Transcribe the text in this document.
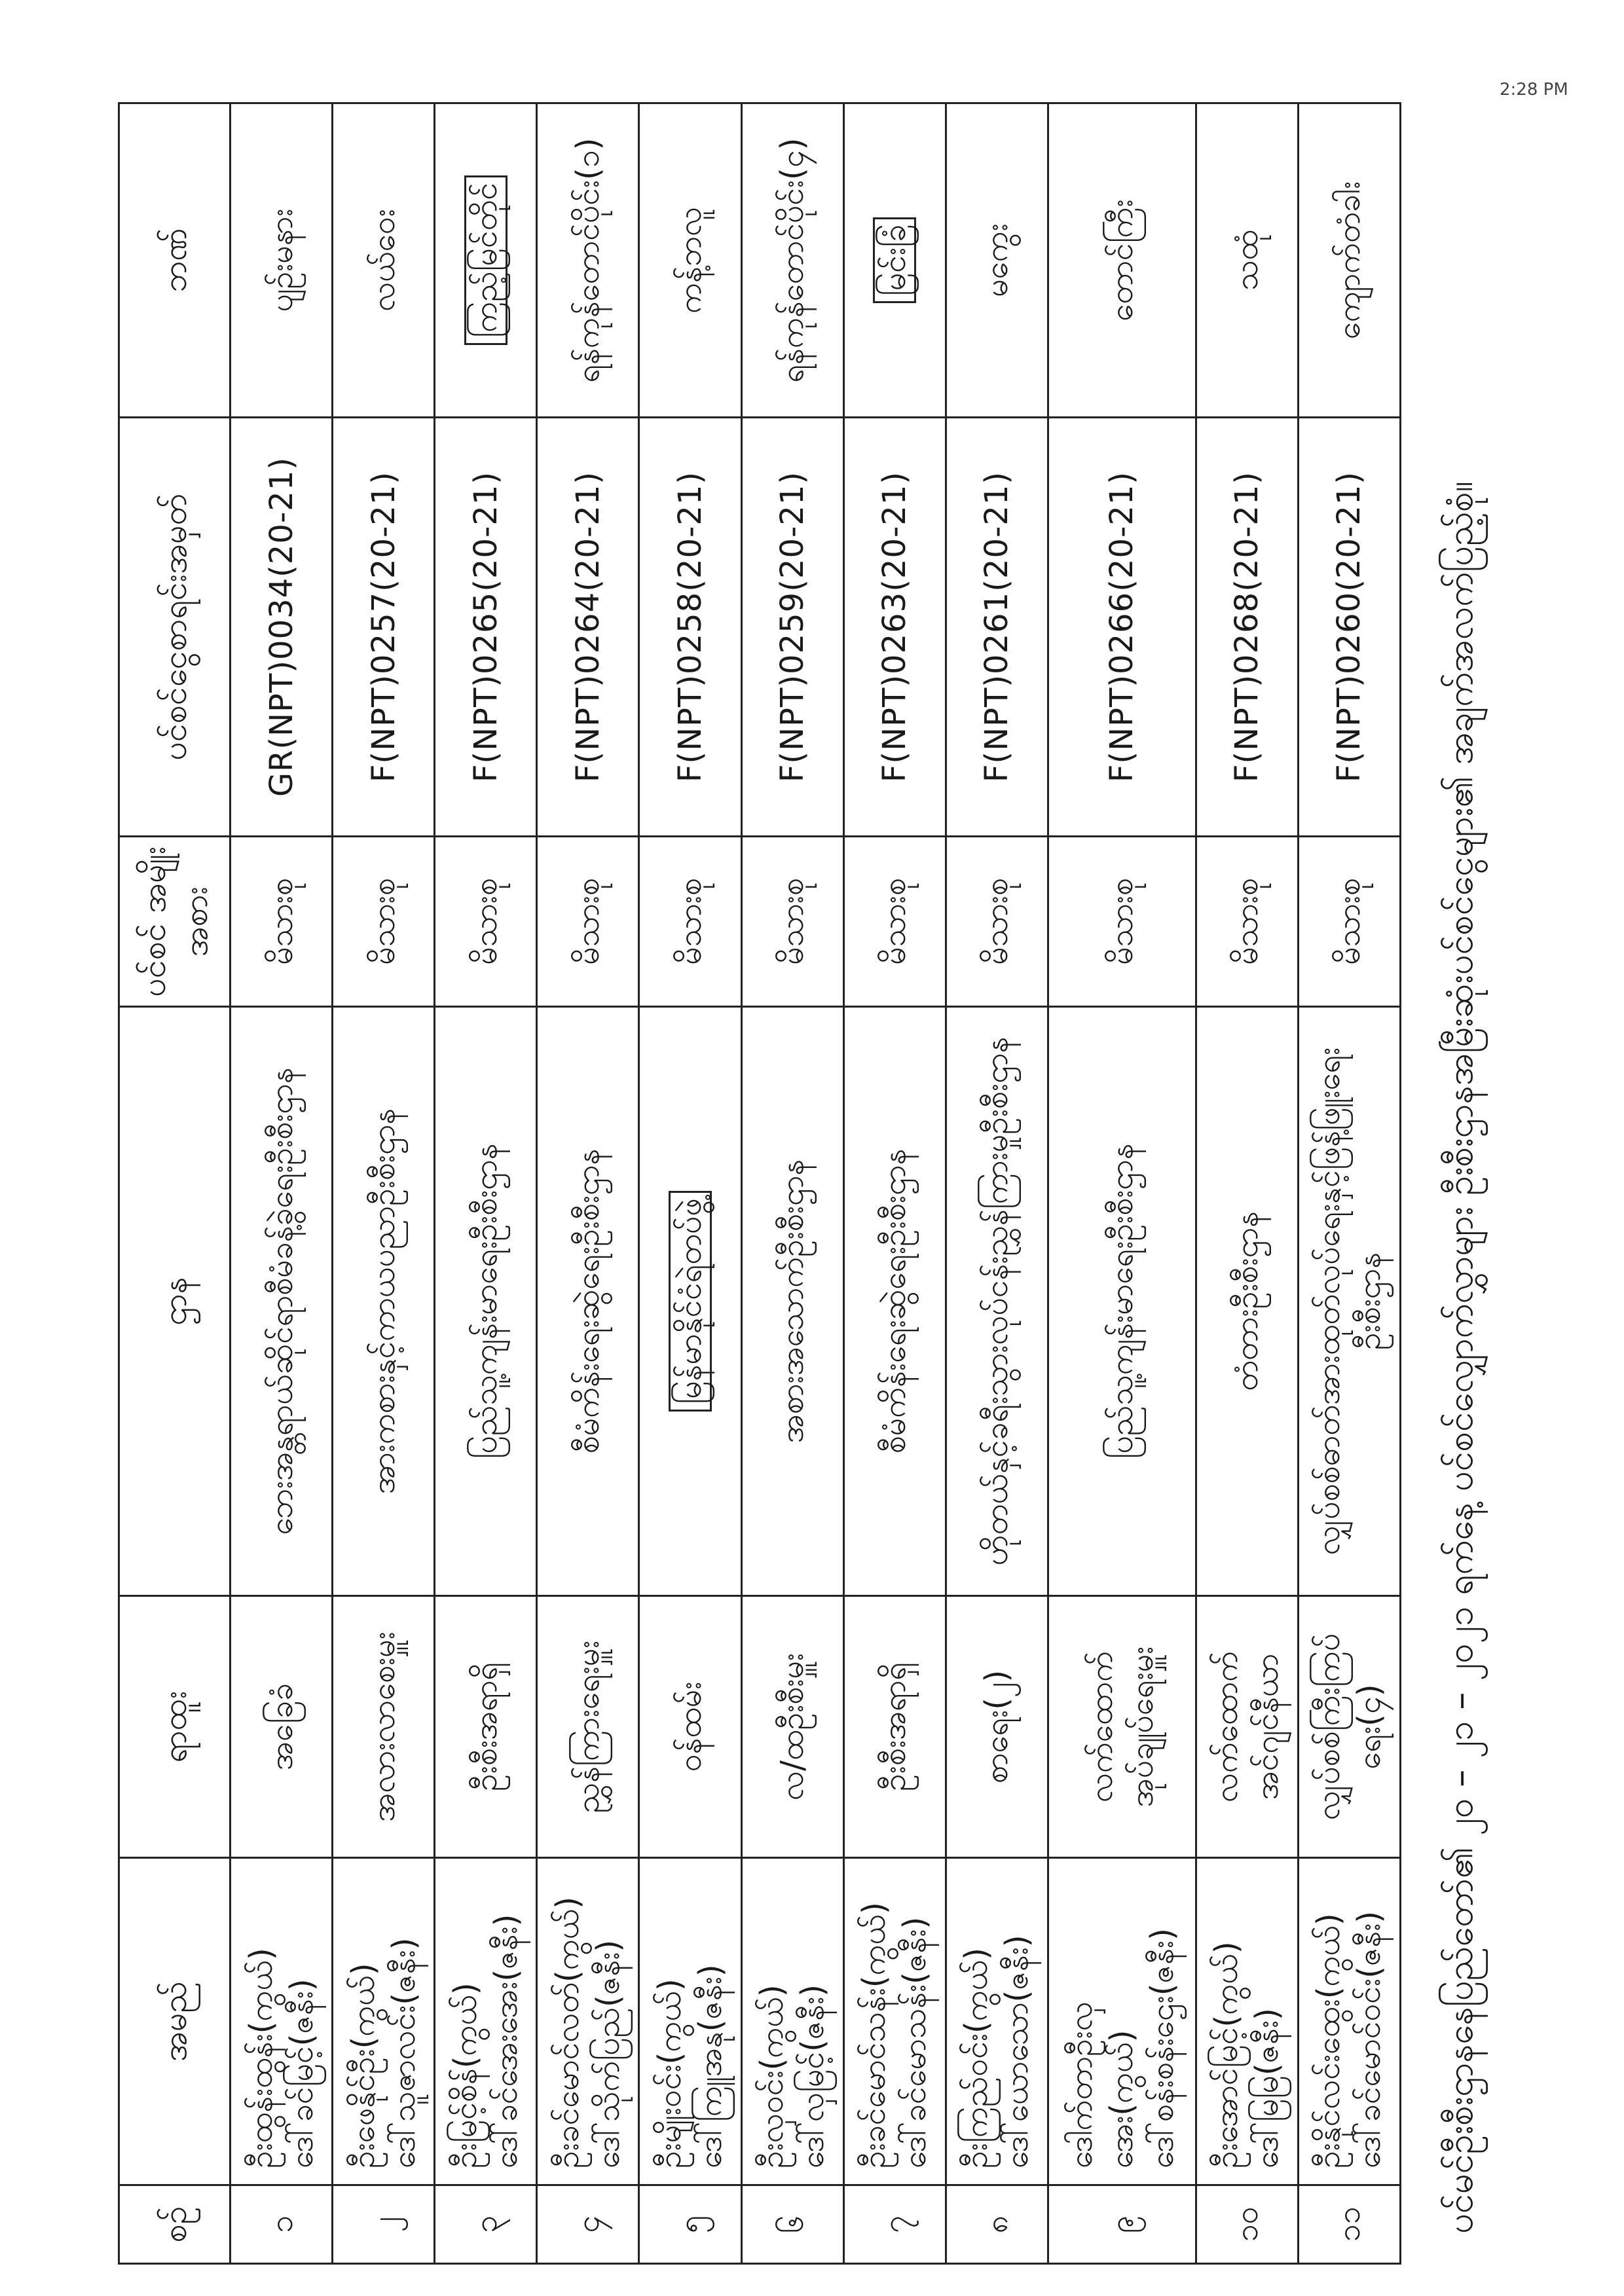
ပင်မင်ဦးစီးဌာနနေပြည်တော်၏ ၂၀ – ၂၁ – ၂၀၂၁ ရက်နေ့ ပင်စင်လျှောက်လွှာများ ဦးစီးဌာနအမြီးဆုံးပင်စင်ငွေများ၏ အချက်အလက်ပြည့်စုံ။
2:28 PM
စဉ်	အမည်	ရာထူး	ဌာန	ပင်စင် အမျိုးအစား	ပင်စင်ငွေစာရင်းအမှတ်	ဘဏ်
၁	ဦးထွန်းထွန်း(ကွယ်) ဒေါ်ခင်မြင့်(ဇနီး)	အခြေခံ	ဘေးအန္တရာယ်ဆိုင်ရာစီမံခန့်ခွဲရေးဦးစီးဌာန	မိသားစု	GR(NPT)0034(20-21)	ပျဉ်းမနား
၂	ဦးဖေနိုင်ဦး(ကွယ်) ဒေါ်သူဇာလင်း(ဇနီး)	အလားလာစေးမှူး	အားကစားနှင့်ကာယပညာဦးစီးဌာန	မိသားစု	F(NPT)0257(20-21)	လယ်ဝေး
၃	ဦးမြင့်စိန်(ကွယ်) ဒေါ်ခင်အေးအေး(ဇနီး)	ဦးစီးအရာရှိ	ပြည်သူ့ကျန်းမာရေးဦးစီးဌာန	မိသားစု	F(NPT)0265(20-21)	ကြည့်မြင်တိုင်
၄	ဦးခင်မောင်လတ်(ကွယ်) ဒေါ်သိုက်ပြည်(ဇနီး)	ညွှန်ကြားရေးမှူး	စီမံကိန်းရေးဆွဲရေးဦးစီးဌာန	မိသားစု	F(NPT)0264(20-21)	ရန်ကုန်တောင်ပိုင်း(၁)
၅	ဦးမျိုးဝင်း(ကွယ်) ဒေါ်ကြူအနု(ဇနီး)	ဝန်ထမ်း	မြန်မာနိုင်ငံရဲတပ်ဖွဲ့	မိသားစု	F(NPT)0258(20-21)	ကန့်ဘလူ
၆	ဦးလှဝင်း(ကွယ်) ဒေါ်လှမြင့်(ဇနီး)	လ/ထဦးစီးမှူး	အစားအသောက်ဦးစီးဌာန	မိသားစု	F(NPT)0259(20-21)	ရန်ကုန်တောင်ပိုင်း(၄)
၇	ဦးခင်မောင်သန်း(ကွယ်) ဒေါ်ခင်မောသန်း(ဇနီး)	ဦးစီးအရာရှိ	စီမံကိန်းရေးဆွဲရေးဦးစီးဌာန	မိသားစု	F(NPT)0263(20-21)	မြင်းခြံ
၈	ဦးကြည်ဝင်း(ကွယ်) ဒေါ်ယောသော(ဇနီး)	စာရေး(၂)	ဟိုတယ်နှင့်ခရီးသွားလုပ်ငန်းညွှန်ကြားမှုဦးစီးဌာန	မိသားစု	F(NPT)0261(20-21)	မကွေး
၉	ဒေါက်တာဦးလှအေး(ကွယ်) ဒေါ်စန်းစန်းဌေး(ဇနီး)	လက်ထောက် အုပ်ချုပ်ရေးမှူး	ပြည်သူ့ကျန်းမာရေးဦးစီးဌာန	မိသားစု	F(NPT)0266(20-21)	တောင်ကြီး
၁၀	ဦးအောင်မြင့်(ကွယ်) ဒေါ်မြမြ(ဇနီး)	လက်ထောက် အင်ဂျင်နီယာ	တံတားဦးစီးဌာန	မိသားစု	F(NPT)0268(20-21)	သထုံ
၁၁	ဦးနိုင်လင်းထွေး(ကွယ်) ဒေါ်ခင်မောင်ဝင်း(ဇနီး)	လျှပ်စစ်ကြီးကြပ်ရေး(၄)	လျှပ်စစ်ဓာတ်အားထုတ်လုပ်ရေးနှင့်ဖြန့်ဖြူးရေး ဦးစီးဌာန	မိသားစု	F(NPT)0260(20-21)	ကျောက်တံခါး
